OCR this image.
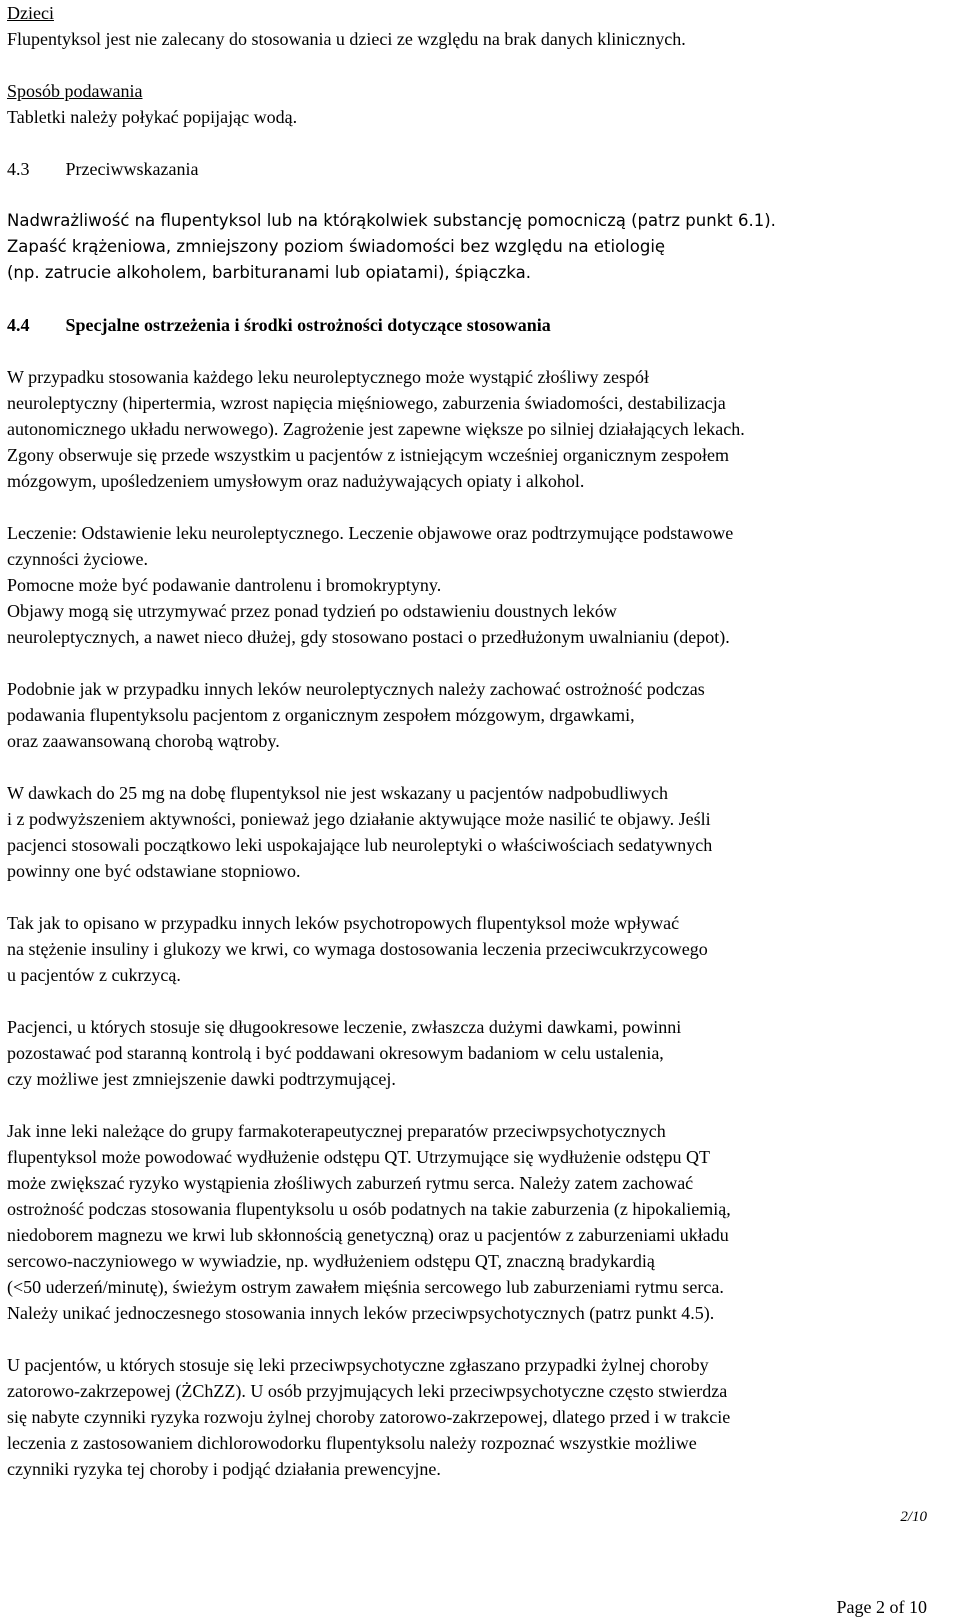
Dzieci

Flupentyksol jest nie zalecany do stosowania u dzieci ze względu na brak danych klinicznych.

Sposób podawania

Tabletki należy połykać popijając wodą.

4.3 Przeciwwskazania

Nadwrażliwość na flupentyksol lub na którąkolwiek substancję pomocniczą (patrz punkt 6.1).

Zapaść krążeniowa, zmniejszony poziom świadomości bez względu na etiologię

(np. zatrucie alkoholem, barbituranami lub opiatami), śpiączka.

4.4 Specjalne ostrzeżenia i środki ostrożności dotyczące stosowania

W przypadku stosowania każdego leku neuroleptycznego może wystąpić złośliwy zespół

neuroleptyczny (hipertermia, wzrost napięcia mięśniowego, zaburzenia świadomości, destabilizacja

autonomicznego układu nerwowego). Zagrożenie jest zapewne większe po silniej działających lekach.

Zgony obserwuje się przede wszystkim u pacjentów z istniejącym wcześniej organicznym zespołem

mózgowym, upośledzeniem umysłowym oraz nadużywających opiaty i alkohol.

Leczenie: Odstawienie leku neuroleptycznego. Leczenie objawowe oraz podtrzymujące podstawowe

czynności życiowe.

Pomocne może być podawanie dantrolenu i bromokryptyny.

Objawy mogą się utrzymywać przez ponad tydzień po odstawieniu doustnych leków

neuroleptycznych, a nawet nieco dłużej, gdy stosowano postaci o przedłużonym uwalnianiu (depot).

Podobnie jak w przypadku innych leków neuroleptycznych należy zachować ostrożność podczas

podawania flupentyksolu pacjentom z organicznym zespołem mózgowym, drgawkami,

oraz zaawansowaną chorobą wątroby.

W dawkach do 25 mg na dobę flupentyksol nie jest wskazany u pacjentów nadpobudliwych

i z podwyższeniem aktywności, ponieważ jego działanie aktywujące może nasilić te objawy. Jeśli

pacjenci stosowali początkowo leki uspokajające lub neuroleptyki o właściwościach sedatywnych

powinny one być odstawiane stopniowo.

Tak jak to opisano w przypadku innych leków psychotropowych flupentyksol może wpływać

na stężenie insuliny i glukozy we krwi, co wymaga dostosowania leczenia przeciwcukrzycowego

u pacjentów z cukrzycą.

Pacjenci, u których stosuje się długookresowe leczenie, zwłaszcza dużymi dawkami, powinni

pozostawać pod staranną kontrolą i być poddawani okresowym badaniom w celu ustalenia,

czy możliwe jest zmniejszenie dawki podtrzymującej.

Jak inne leki należące do grupy farmakoterapeutycznej preparatów przeciwpsychotycznych

flupentyksol może powodować wydłużenie odstępu QT. Utrzymujące się wydłużenie odstępu QT

może zwiększać ryzyko wystąpienia złośliwych zaburzeń rytmu serca. Należy zatem zachować

ostrożność podczas stosowania flupentyksolu u osób podatnych na takie zaburzenia (z hipokaliemią,

niedoborem magnezu we krwi lub skłonnością genetyczną) oraz u pacjentów z zaburzeniami układu

sercowo-naczyniowego w wywiadzie, np. wydłużeniem odstępu QT, znaczną bradykardią

(<50 uderzeń/minutę), świeżym ostrym zawałem mięśnia sercowego lub zaburzeniami rytmu serca.

Należy unikać jednoczesnego stosowania innych leków przeciwpsychotycznych (patrz punkt 4.5).

U pacjentów, u których stosuje się leki przeciwpsychotyczne zgłaszano przypadki żylnej choroby

zatorowo-zakrzepowej (ŻChZZ). U osób przyjmujących leki przeciwpsychotyczne często stwierdza

się nabyte czynniki ryzyka rozwoju żylnej choroby zatorowo-zakrzepowej, dlatego przed i w trakcie

leczenia z zastosowaniem dichlorowodorku flupentyksolu należy rozpoznać wszystkie możliwe

czynniki ryzyka tej choroby i podjąć działania prewencyjne.

2/10
Page 2 of 10
